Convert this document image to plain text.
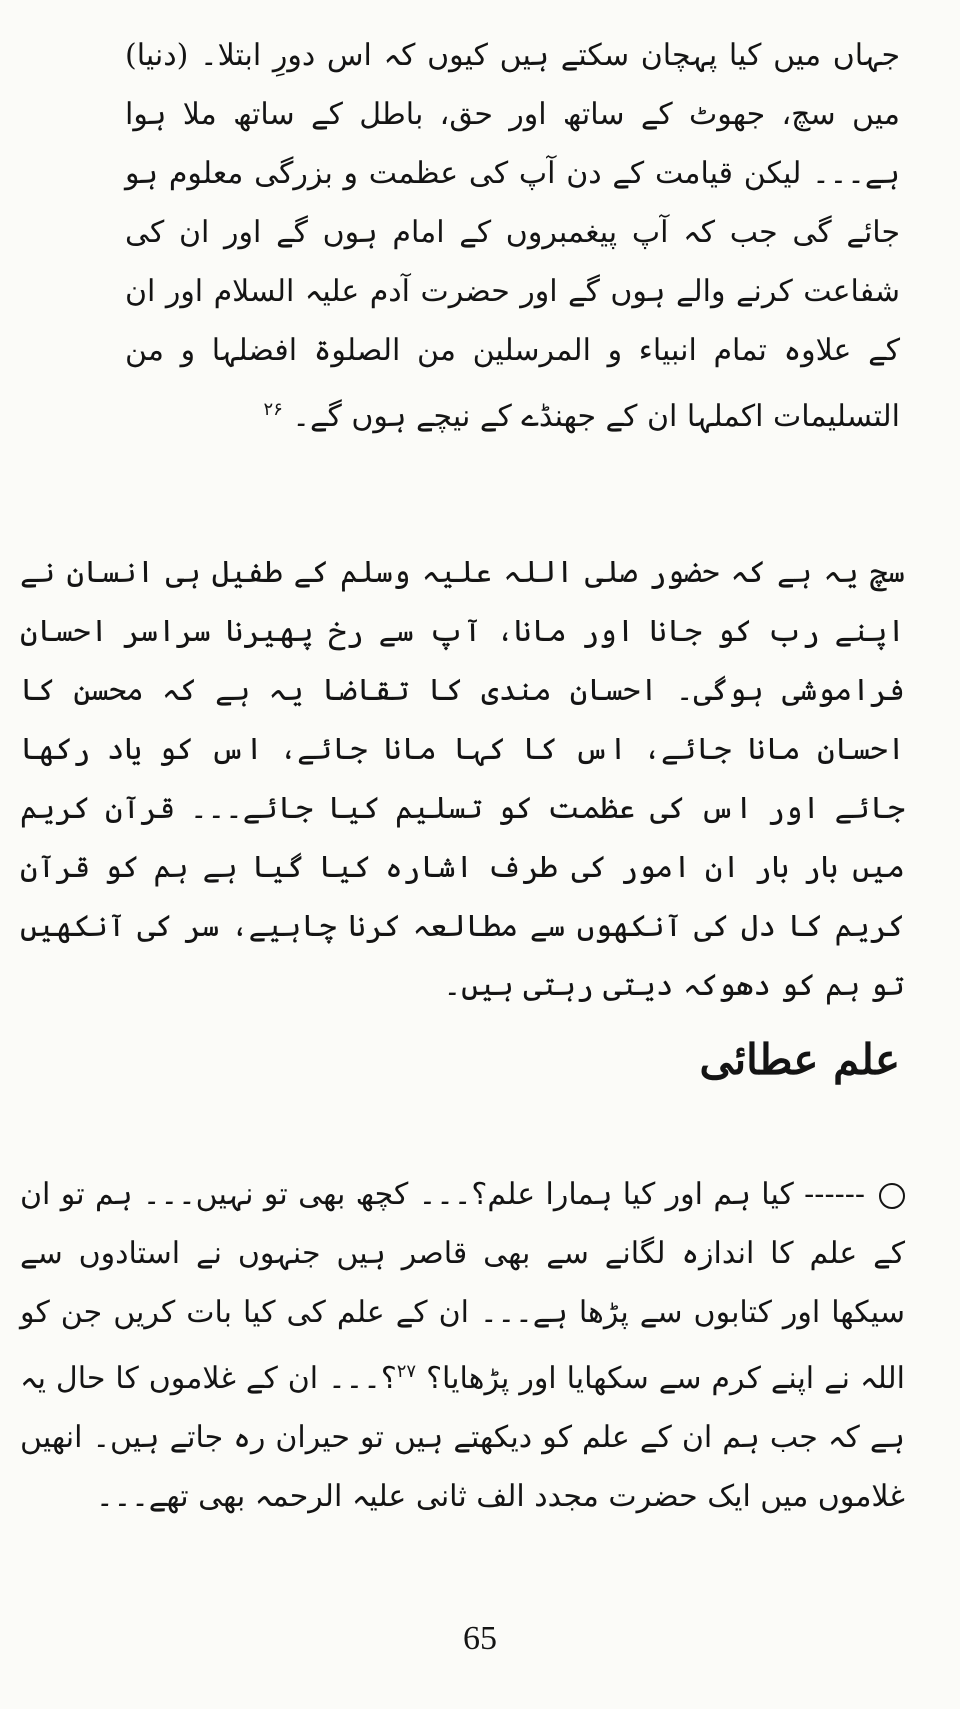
جہاں میں کیا پہچان سکتے ہیں کیوں کہ اس دورِ ابتلا۔ (دنیا) میں سچ، جھوٹ کے ساتھ اور حق، باطل کے ساتھ ملا ہوا ہے۔۔۔ لیکن قیامت کے دن آپ کی عظمت و بزرگی معلوم ہو جائے گی جب کہ آپ پیغمبروں کے امام ہوں گے اور ان کی شفاعت کرنے والے ہوں گے اور حضرت آدم علیہ السلام اور ان کے علاوہ تمام انبیاء و المرسلین من الصلوۃ افضلہا و من التسلیمات اکملہا ان کے جھنڈے کے نیچے ہوں گے۔ $^{۲۶}$

سچ یہ ہے کہ حضور صلی اللہ علیہ وسلم کے طفیل ہی انسان نے اپنے رب کو جانا اور مانا، آپ سے رخ پھیرنا سراسر احسان فراموشی ہوگی۔ احسان مندی کا تقاضا یہ ہے کہ محسن کا احسان مانا جائے، اس کا کہا مانا جائے، اس کو یاد رکھا جائے اور اس کی عظمت کو تسلیم کیا جائے۔۔۔ قرآن کریم میں بار بار ان امور کی طرف اشارہ کیا گیا ہے ہم کو قرآن کریم کا دل کی آنکھوں سے مطالعہ کرنا چاہیے، سر کی آنکھیں تو ہم کو دھوکہ دیتی رہتی ہیں۔

علم عطائی

------ کیا ہم اور کیا ہمارا علم؟۔۔۔ کچھ بھی تو نہیں۔۔۔ ہم تو ان کے علم کا اندازہ لگانے سے بھی قاصر ہیں جنہوں نے استادوں سے سیکھا اور کتابوں سے پڑھا ہے۔۔۔ ان کے علم کی کیا بات کریں جن کو اللہ نے اپنے کرم سے سکھایا اور پڑھایا؟ $^{۲۷}$؟۔۔۔ ان کے غلاموں کا حال یہ ہے کہ جب ہم ان کے علم کو دیکھتے ہیں تو حیران رہ جاتے ہیں۔ انھیں غلاموں میں ایک حضرت مجدد الف ثانی علیہ الرحمہ بھی تھے۔۔۔

65
